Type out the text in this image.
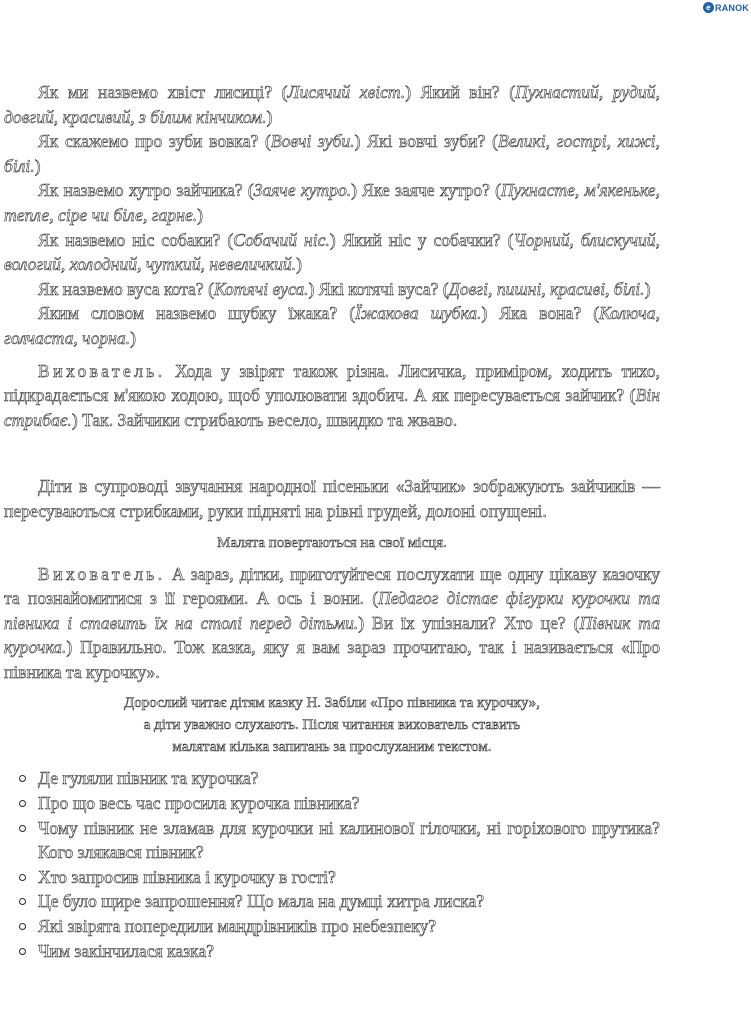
e RANOK

Як ми назвемо хвіст лисиці? (Лисячий хвіст.) Який він? (Пухнастий, рудий, довгий, красивий, з білим кінчиком.)

Як скажемо про зуби вовка? (Вовчі зуби.) Які вовчі зуби? (Великі, гострі, хижі, білі.)

Як назвемо хутро зайчика? (Заяче хутро.) Яке заяче хутро? (Пухнасте, м'якеньке, тепле, сіре чи біле, гарне.)

Як назвемо ніс собаки? (Собачий ніс.) Який ніс у собачки? (Чорний, блискучий, вологий, холодний, чуткий, невеличкий.)

Як назвемо вуса кота? (Котячі вуса.) Які котячі вуса? (Довгі, пишні, красиві, білі.)

Яким словом назвемо шубку їжака? (Їжакова шубка.) Яка вона? (Колюча, голчаста, чорна.)

Вихователь. Хода у звірят також різна. Лисичка, приміром, ходить тихо, підкрадається м'якою ходою, щоб уполювати здобич. А як пересувається зайчик? (Він стрибає.) Так. Зайчики стрибають весело, швидко та жваво.

Діти в супроводі звучання народної пісеньки «Зайчик» зображують зайчиків — пересуваються стрибками, руки підняті на рівні грудей, долоні опущені.

Малята повертаються на свої місця.

Вихователь. А зараз, дітки, приготуйтеся послухати ще одну цікаву казочку та познайомитися з її героями. А ось і вони. (Педагог дістає фігурки курочки та півника і ставить їх на столі перед дітьми.) Ви їх упізнали? Хто це? (Півник та курочка.) Правильно. Тож казка, яку я вам зараз прочитаю, так і називається «Про півника та курочку».

Дорослий читає дітям казку Н. Забіли «Про півника та курочку»,
а діти уважно слухають. Після читання вихователь ставить
малятам кілька запитань за прослуханим текстом.
Де гуляли півник та курочка?
Про що весь час просила курочка півника?
Чому півник не зламав для курочки ні калинової гілочки, ні горіхового прутика? Кого злякався півник?
Хто запросив півника і курочку в гості?
Це було щире запрошення? Що мала на думці хитра лиска?
Які звірята попередили мандрівників про небезпеку?
Чим закінчилася казка?
